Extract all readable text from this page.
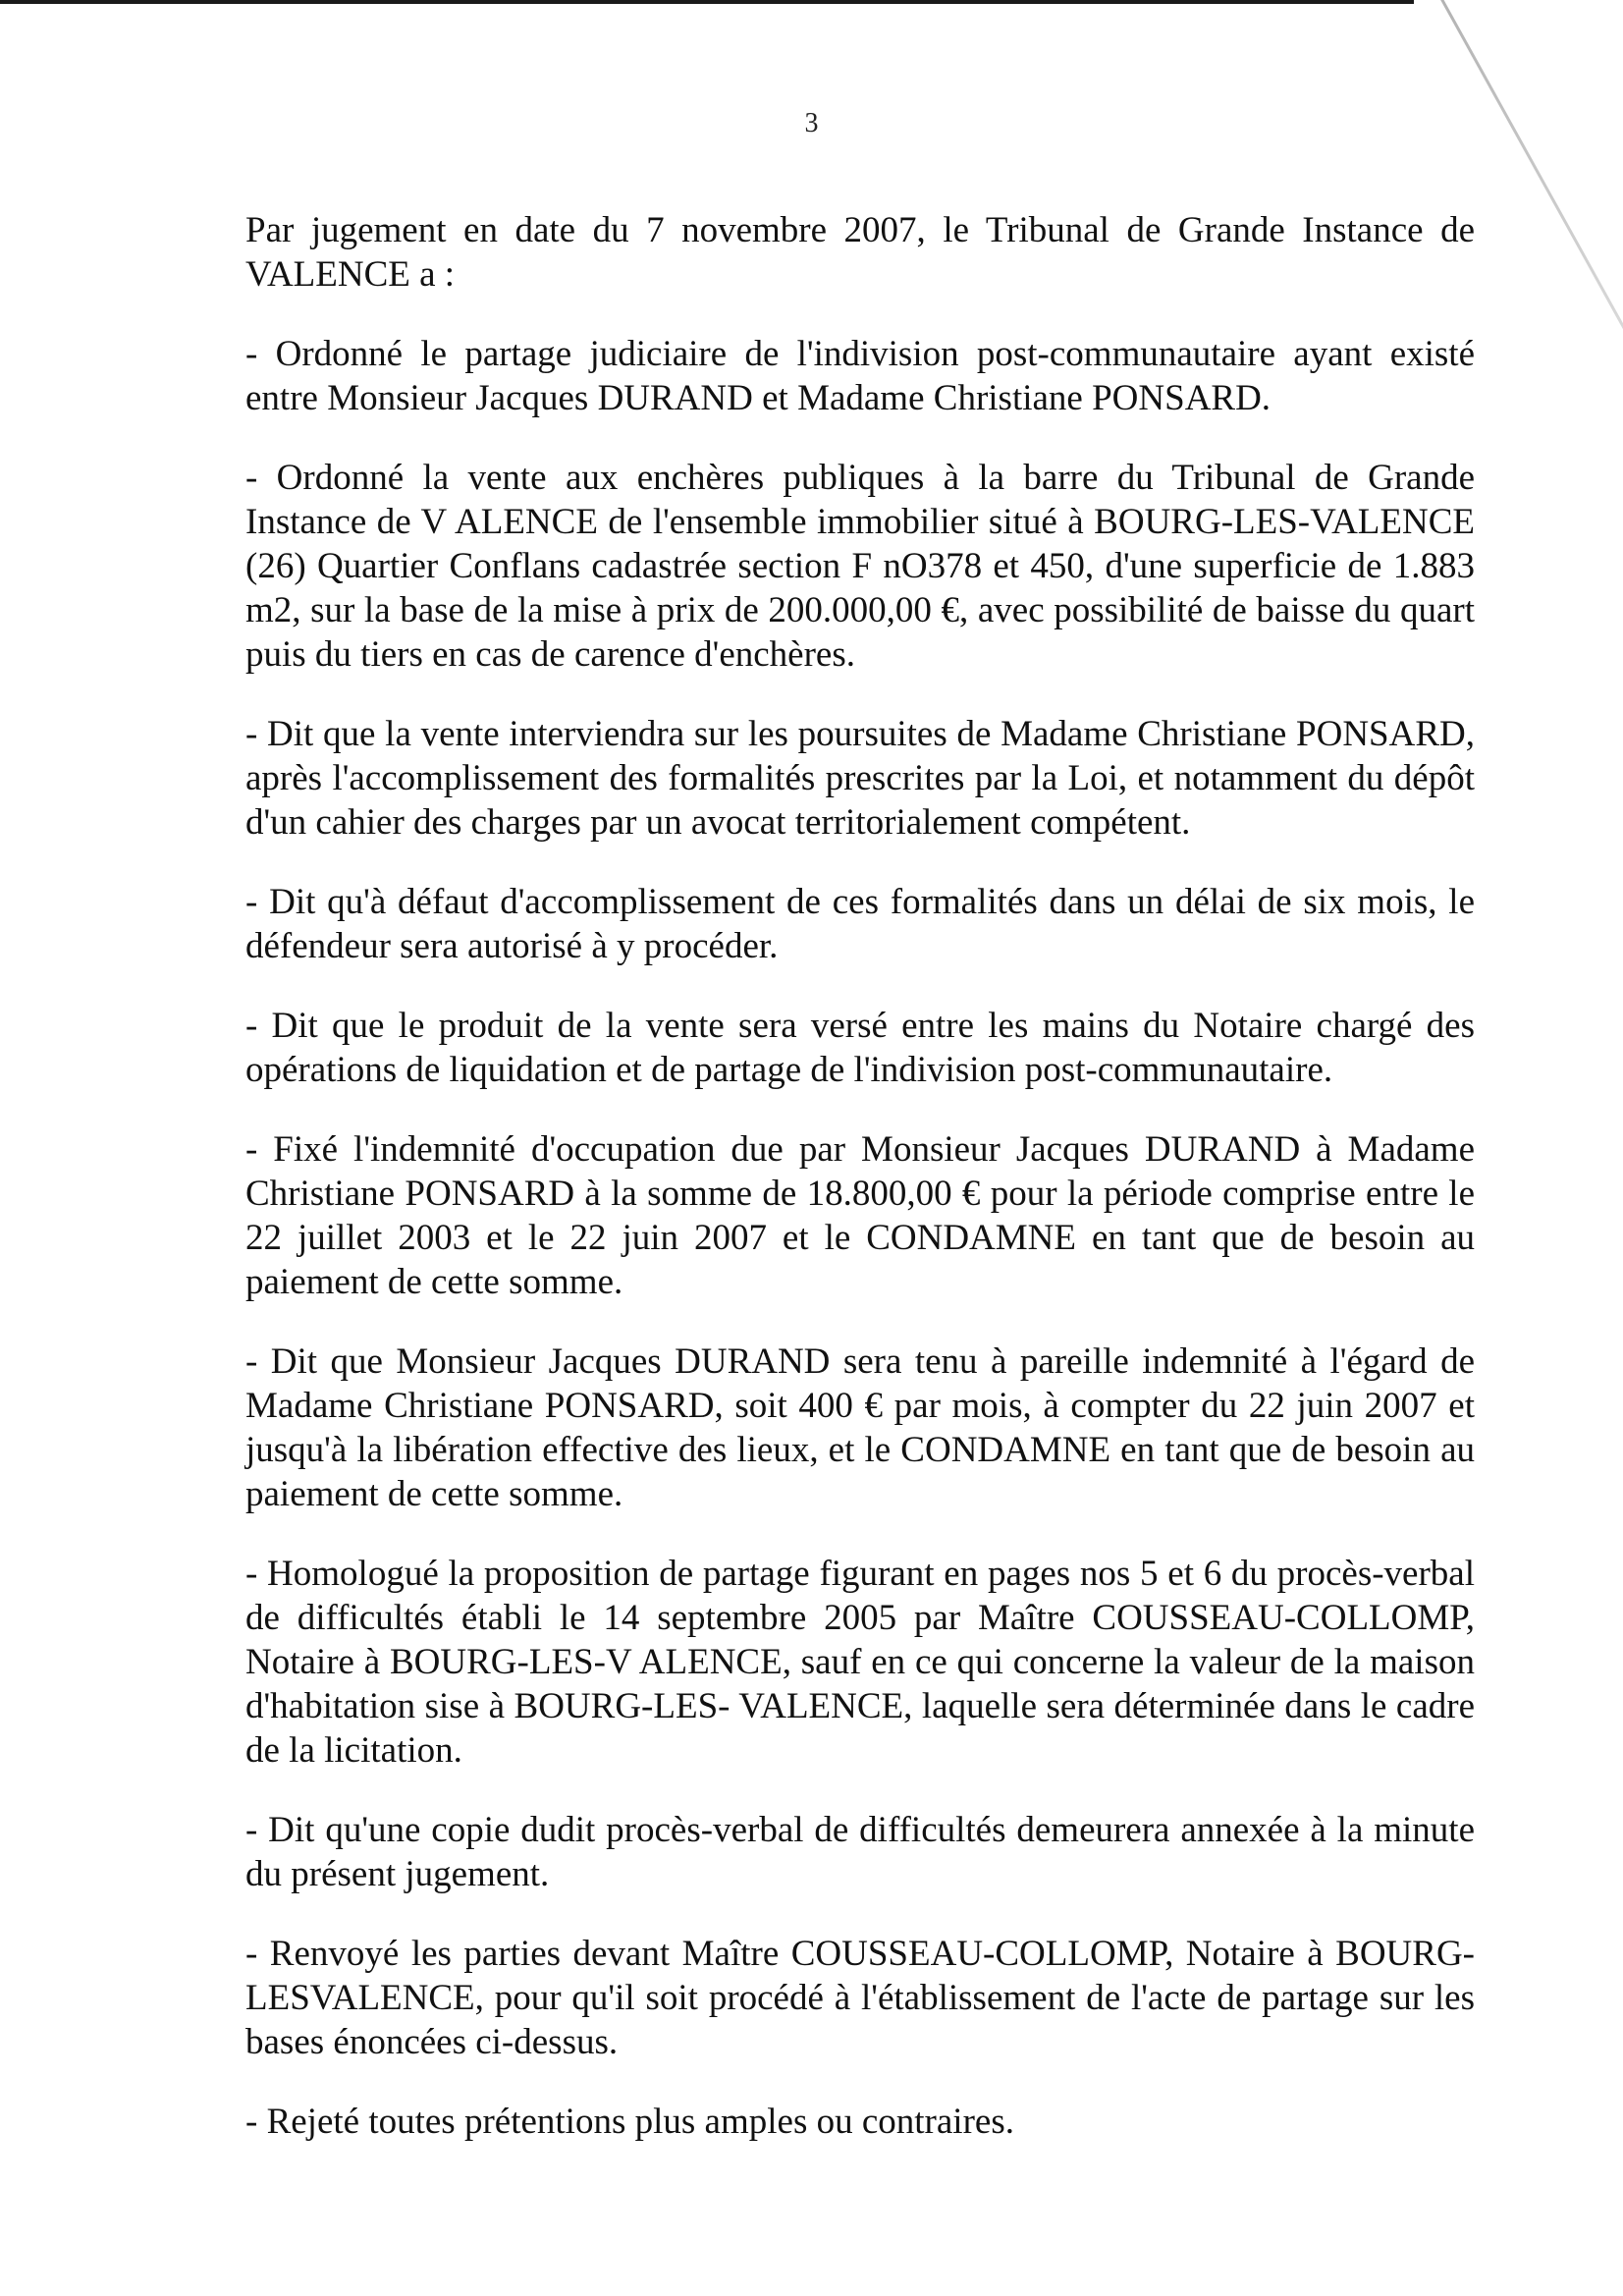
3

Par jugement en date du 7 novembre 2007, le Tribunal de Grande Instance de VALENCE a :

- Ordonné le partage judiciaire de l'indivision post-communautaire ayant existé entre Monsieur Jacques DURAND et Madame Christiane PONSARD.

- Ordonné la vente aux enchères publiques à la barre du Tribunal de Grande Instance de V ALENCE de l'ensemble immobilier situé à BOURG-LES-VALENCE (26) Quartier Conflans cadastrée section F nO378 et 450, d'une superficie de 1.883 m2, sur la base de la mise à prix de 200.000,00 €, avec possibilité de baisse du quart puis du tiers en cas de carence d'enchères.

- Dit que la vente interviendra sur les poursuites de Madame Christiane PONSARD, après l'accomplissement des formalités prescrites par la Loi, et notamment du dépôt d'un cahier des charges par un avocat territorialement compétent.

- Dit qu'à défaut d'accomplissement de ces formalités dans un délai de six mois, le défendeur sera autorisé à y procéder.

- Dit que le produit de la vente sera versé entre les mains du Notaire chargé des opérations de liquidation et de partage de l'indivision post-communautaire.

- Fixé l'indemnité d'occupation due par Monsieur Jacques DURAND à Madame Christiane PONSARD à la somme de 18.800,00 € pour la période comprise entre le 22 juillet 2003 et le 22 juin 2007 et le CONDAMNE en tant que de besoin au paiement de cette somme.

- Dit que Monsieur Jacques DURAND sera tenu à pareille indemnité à l'égard de Madame Christiane PONSARD, soit 400 € par mois, à compter du 22 juin 2007 et jusqu'à la libération effective des lieux, et le CONDAMNE en tant que de besoin au paiement de cette somme.

- Homologué la proposition de partage figurant en pages nos 5 et 6 du procès-verbal de difficultés établi le 14 septembre 2005 par Maître COUSSEAU-COLLOMP, Notaire à BOURG-LES-V ALENCE, sauf en ce qui concerne la valeur de la maison d'habitation sise à BOURG-LES- VALENCE, laquelle sera déterminée dans le cadre de la licitation.

- Dit qu'une copie dudit procès-verbal de difficultés demeurera annexée à la minute du présent jugement.

- Renvoyé les parties devant Maître COUSSEAU-COLLOMP, Notaire à BOURG-LESVALENCE, pour qu'il soit procédé à l'établissement de l'acte de partage sur les bases énoncées ci-dessus.

- Rejeté toutes prétentions plus amples ou contraires.
